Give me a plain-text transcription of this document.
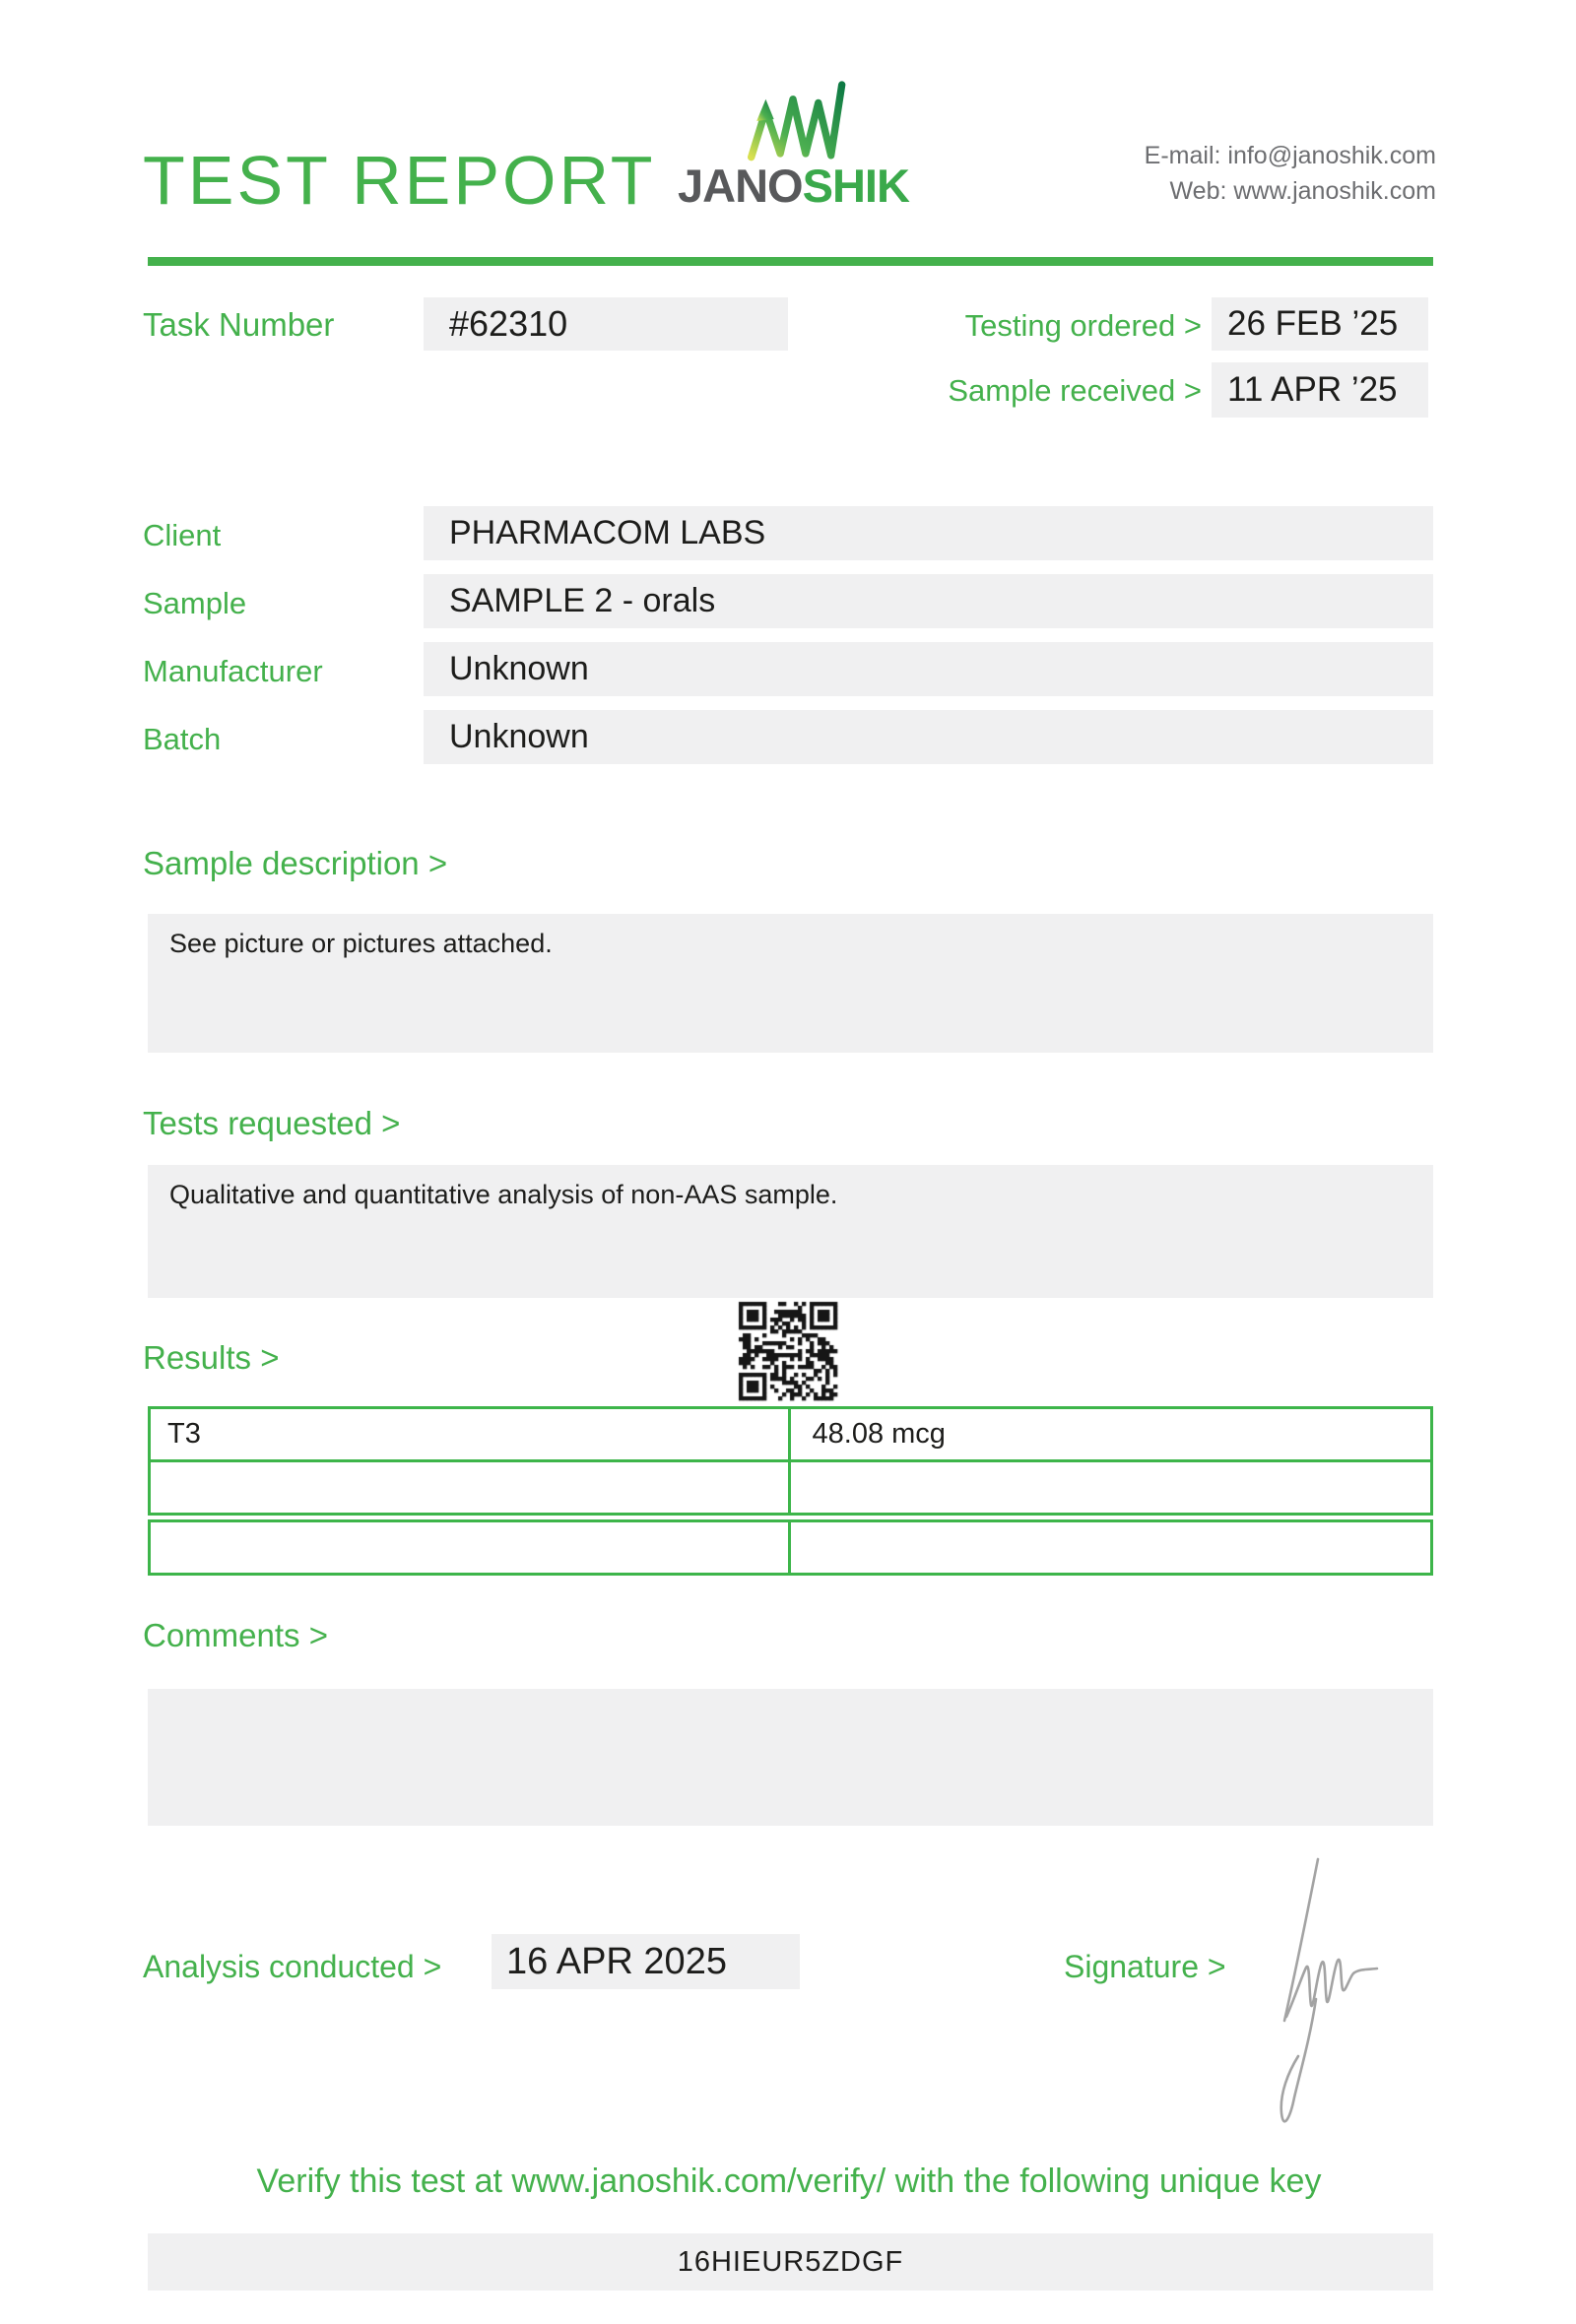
TEST REPORT JANOSHIK
E-mail: info@janoshik.com
Web: www.janoshik.com
Task Number	#62310	Testing ordered > 26 FEB ’25
Sample received > 11 APR ’25
Client	PHARMACOM LABS
Sample	SAMPLE 2 - orals
Manufacturer	Unknown
Batch	Unknown
Sample description >
See picture or pictures attached.
Tests requested >
Qualitative and quantitative analysis of non-AAS sample.
Results >
T3	48.08 mcg
Comments >
Analysis conducted >	16 APR 2025	Signature >
Verify this test at www.janoshik.com/verify/ with the following unique key
16HIEUR5ZDGF
